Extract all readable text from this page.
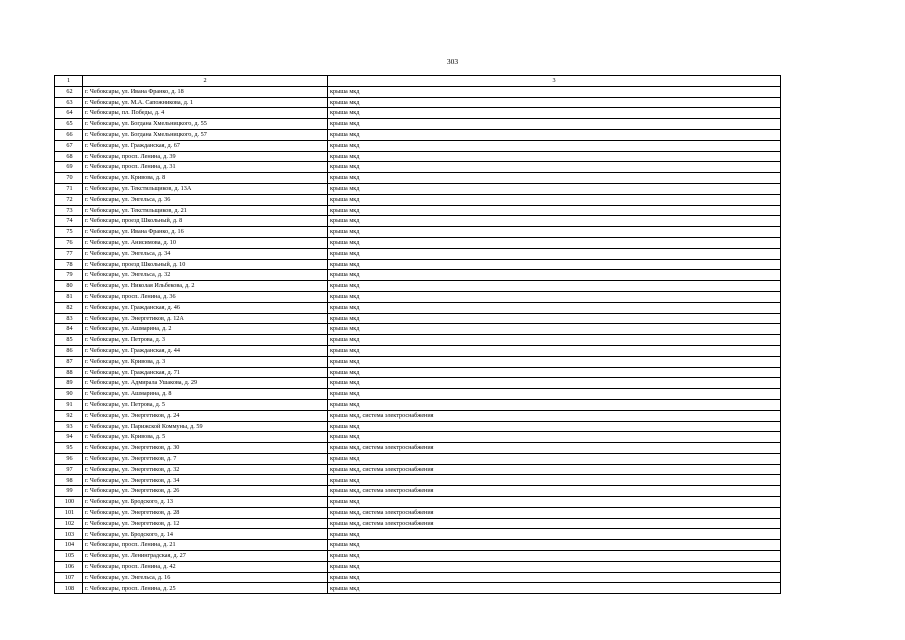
303
1	2	3
62	г. Чебоксары, ул. Ивана Франко, д. 18	крыша мкд
63	г. Чебоксары, ул. М.А. Сапожникова, д. 1	крыша мкд
64	г. Чебоксары, пл. Победы, д. 4	крыша мкд
65	г. Чебоксары, ул. Богдана Хмельницкого, д. 55	крыша мкд
66	г. Чебоксары, ул. Богдана Хмельницкого, д. 57	крыша мкд
67	г. Чебоксары, ул. Гражданская, д. 67	крыша мкд
68	г. Чебоксары, просп. Ленина, д. 39	крыша мкд
69	г. Чебоксары, просп. Ленина, д. 31	крыша мкд
70	г. Чебоксары, ул. Кривова, д. 8	крыша мкд
71	г. Чебоксары, ул. Текстильщиков, д. 13А	крыша мкд
72	г. Чебоксары, ул. Энгельса, д. 36	крыша мкд
73	г. Чебоксары, ул. Текстильщиков, д. 21	крыша мкд
74	г. Чебоксары, проезд Школьный, д. 8	крыша мкд
75	г. Чебоксары, ул. Ивана Франко, д. 16	крыша мкд
76	г. Чебоксары, ул. Анисимова, д. 10	крыша мкд
77	г. Чебоксары, ул. Энгельса, д. 34	крыша мкд
78	г. Чебоксары, проезд Школьный, д. 10	крыша мкд
79	г. Чебоксары, ул. Энгельса, д. 32	крыша мкд
80	г. Чебоксары, ул. Николая Ильбекова, д. 2	крыша мкд
81	г. Чебоксары, просп. Ленина, д. 36	крыша мкд
82	г. Чебоксары, ул. Гражданская, д. 46	крыша мкд
83	г. Чебоксары, ул. Энергетиков, д. 12А	крыша мкд
84	г. Чебоксары, ул. Ашмарина, д. 2	крыша мкд
85	г. Чебоксары, ул. Петрова, д. 3	крыша мкд
86	г. Чебоксары, ул. Гражданская, д. 44	крыша мкд
87	г. Чебоксары, ул. Кривова, д. 3	крыша мкд
88	г. Чебоксары, ул. Гражданская, д. 71	крыша мкд
89	г. Чебоксары, ул. Адмирала Ушакова, д. 29	крыша мкд
90	г. Чебоксары, ул. Ашмарина, д. 8	крыша мкд
91	г. Чебоксары, ул. Петрова, д. 5	крыша мкд
92	г. Чебоксары, ул. Энергетиков, д. 24	крыша мкд, система электроснабжения
93	г. Чебоксары, ул. Парижской Коммуны, д. 59	крыша мкд
94	г. Чебоксары, ул. Кривова, д. 5	крыша мкд
95	г. Чебоксары, ул. Энергетиков, д. 30	крыша мкд, система электроснабжения
96	г. Чебоксары, ул. Энергетиков, д. 7	крыша мкд
97	г. Чебоксары, ул. Энергетиков, д. 32	крыша мкд, система электроснабжения
98	г. Чебоксары, ул. Энергетиков, д. 34	крыша мкд
99	г. Чебоксары, ул. Энергетиков, д. 26	крыша мкд, система электроснабжения
100	г. Чебоксары, ул. Бродского, д. 13	крыша мкд
101	г. Чебоксары, ул. Энергетиков, д. 28	крыша мкд, система электроснабжения
102	г. Чебоксары, ул. Энергетиков, д. 12	крыша мкд, система электроснабжения
103	г. Чебоксары, ул. Бродского, д. 14	крыша мкд
104	г. Чебоксары, просп. Ленина, д. 21	крыша мкд
105	г. Чебоксары, ул. Ленинградская, д. 27	крыша мкд
106	г. Чебоксары, просп. Ленина, д. 42	крыша мкд
107	г. Чебоксары, ул. Энгельса, д. 16	крыша мкд
108	г. Чебоксары, просп. Ленина, д. 25	крыша мкд
